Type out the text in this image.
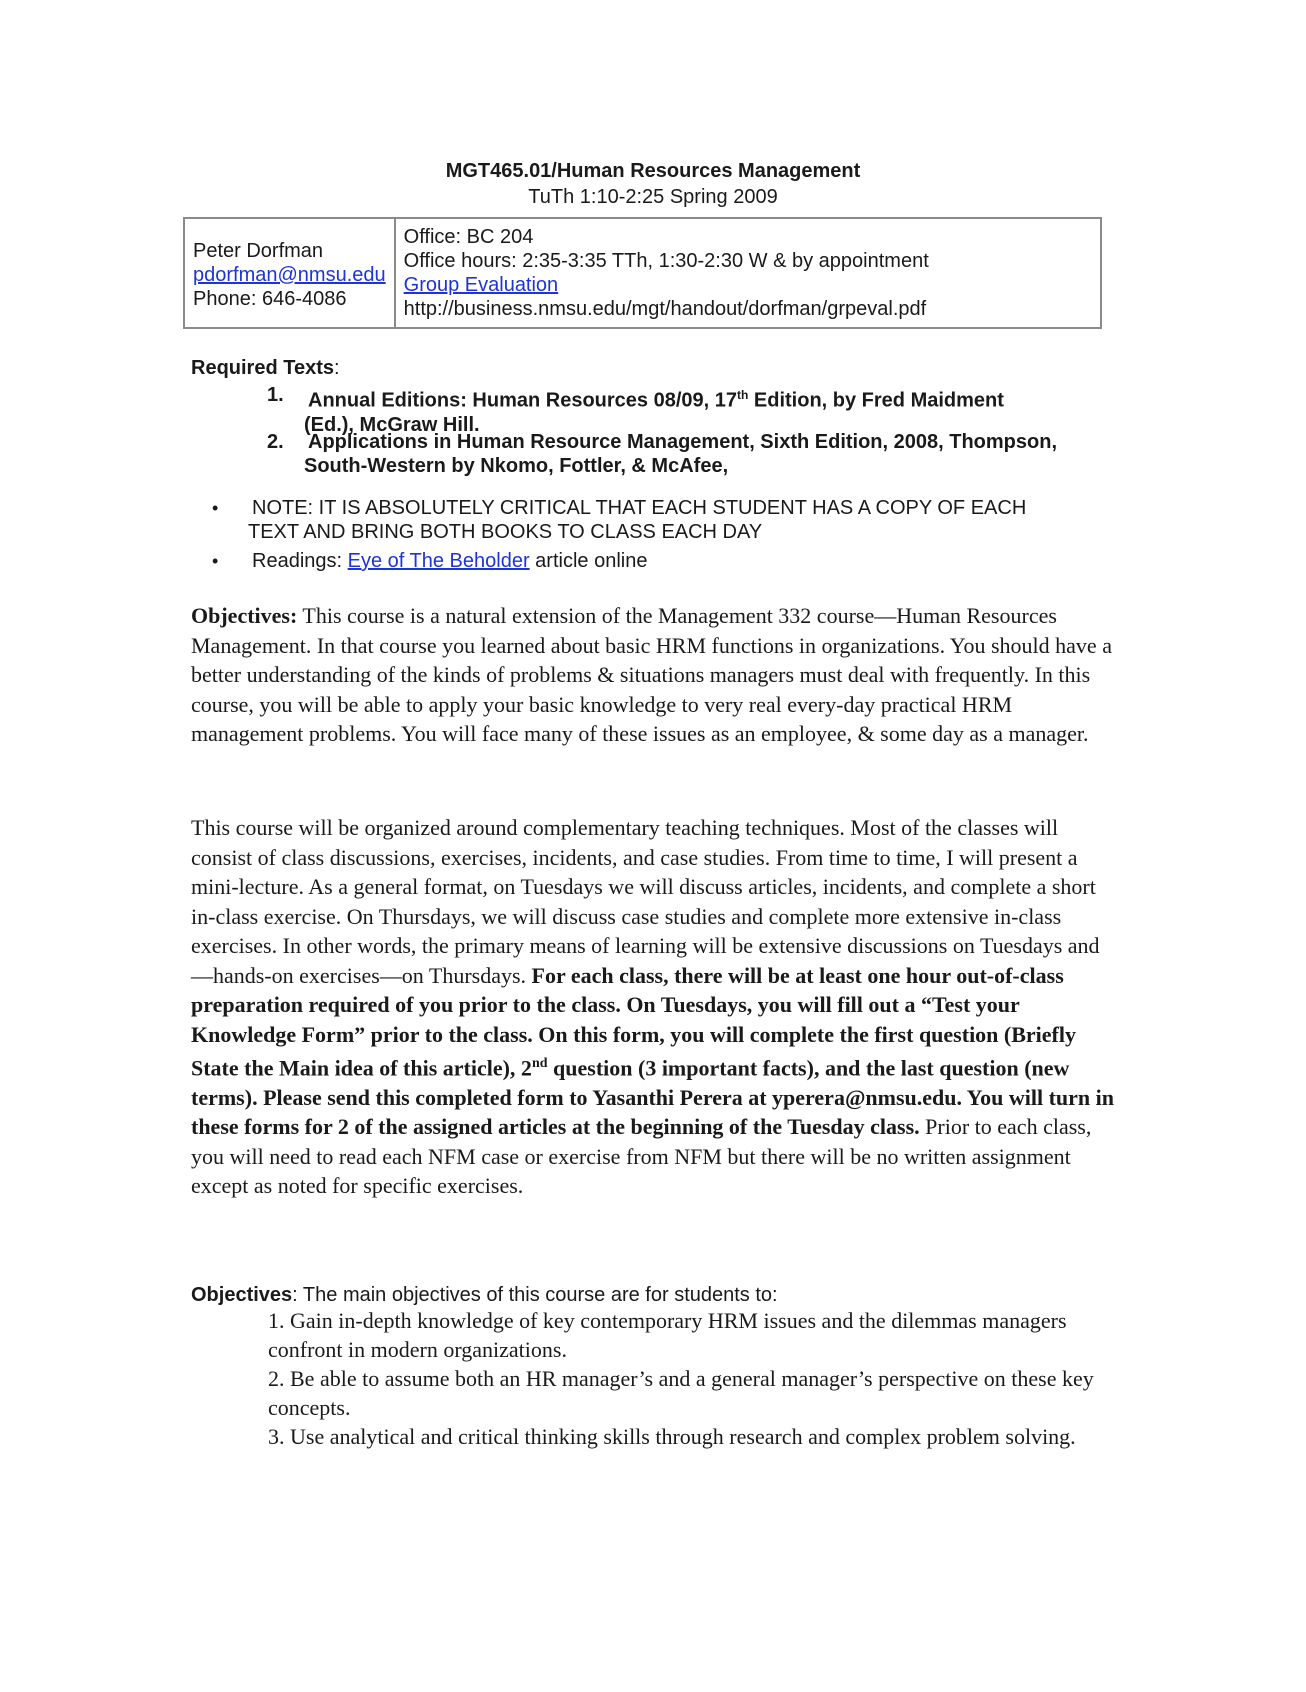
MGT465.01/Human Resources Management
TuTh 1:10-2:25 Spring 2009
Peter Dorfman
pdorfman@nmsu.edu
Phone: 646-4086

Office: BC 204
Office hours: 2:35-3:35 TTh, 1:30-2:30 W & by appointment
Group Evaluation
http://business.nmsu.edu/mgt/handout/dorfman/grpeval.pdf
Required Texts:
1. Annual Editions: Human Resources 08/09, 17th Edition, by Fred Maidment
(Ed.), McGraw Hill.
2. Applications in Human Resource Management, Sixth Edition, 2008, Thompson,
South-Western by Nkomo, Fottler, & McAfee,
• NOTE: IT IS ABSOLUTELY CRITICAL THAT EACH STUDENT HAS A COPY OF EACH
TEXT AND BRING BOTH BOOKS TO CLASS EACH DAY
• Readings: Eye of The Beholder article online
Objectives: This course is a natural extension of the Management 332 course—Human Resources Management. In that course you learned about basic HRM functions in organizations. You should have a better understanding of the kinds of problems & situations managers must deal with frequently. In this course, you will be able to apply your basic knowledge to very real every-day practical HRM management problems. You will face many of these issues as an employee, & some day as a manager.
This course will be organized around complementary teaching techniques. Most of the classes will consist of class discussions, exercises, incidents, and case studies. From time to time, I will present a mini-lecture. As a general format, on Tuesdays we will discuss articles, incidents, and complete a short in-class exercise. On Thursdays, we will discuss case studies and complete more extensive in-class exercises. In other words, the primary means of learning will be extensive discussions on Tuesdays and—hands-on exercises—on Thursdays. For each class, there will be at least one hour out-of-class preparation required of you prior to the class. On Tuesdays, you will fill out a “Test your Knowledge Form” prior to the class. On this form, you will complete the first question (Briefly State the Main idea of this article), 2nd question (3 important facts), and the last question (new terms). Please send this completed form to Yasanthi Perera at yperera@nmsu.edu. You will turn in these forms for 2 of the assigned articles at the beginning of the Tuesday class. Prior to each class, you will need to read each NFM case or exercise from NFM but there will be no written assignment except as noted for specific exercises.
Objectives: The main objectives of this course are for students to:
1. Gain in-depth knowledge of key contemporary HRM issues and the dilemmas managers confront in modern organizations.
2. Be able to assume both an HR manager’s and a general manager’s perspective on these key concepts.
3. Use analytical and critical thinking skills through research and complex problem solving.
